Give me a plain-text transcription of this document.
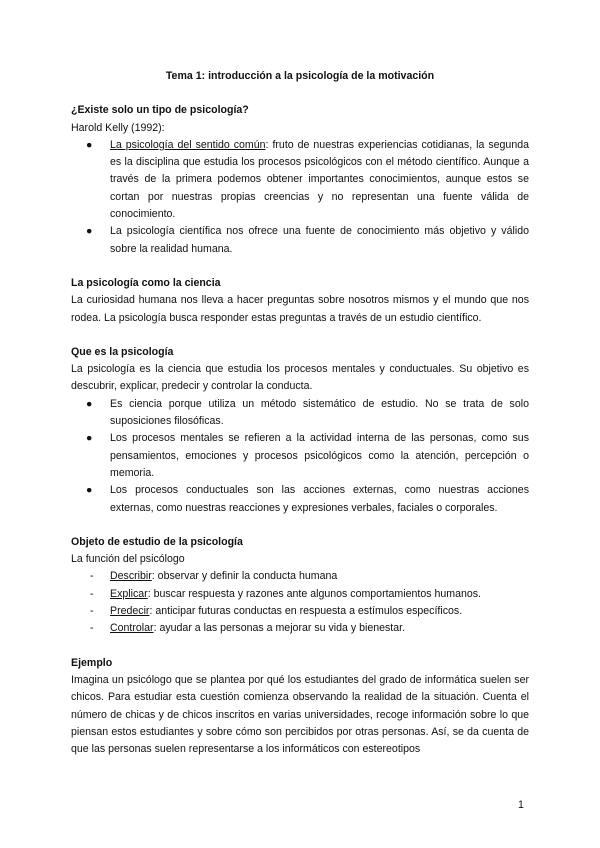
Tema 1: introducción a la psicología de la motivación
¿Existe solo un tipo de psicología?

Harold Kelly (1992):

● La psicología del sentido común: fruto de nuestras experiencias cotidianas, la segunda es la disciplina que estudia los procesos psicológicos con el método científico. Aunque a través de la primera podemos obtener importantes conocimientos, aunque estos se cortan por nuestras propias creencias y no representan una fuente válida de conocimiento.
● La psicología científica nos ofrece una fuente de conocimiento más objetivo y válido sobre la realidad humana.
La psicología como la ciencia

La curiosidad humana nos lleva a hacer preguntas sobre nosotros mismos y el mundo que nos rodea. La psicología busca responder estas preguntas a través de un estudio científico.

Que es la psicología

La psicología es la ciencia que estudia los procesos mentales y conductuales. Su objetivo es descubrir, explicar, predecir y controlar la conducta.

● Es ciencia porque utiliza un método sistemático de estudio. No se trata de solo suposiciones filosóficas.
● Los procesos mentales se refieren a la actividad interna de las personas, como sus pensamientos, emociones y procesos psicológicos como la atención, percepción o memoria.
● Los procesos conductuales son las acciones externas, como nuestras acciones externas, como nuestras reacciones y expresiones verbales, faciales o corporales.
Objeto de estudio de la psicología

La función del psicólogo

- Describir: observar y definir la conducta humana
- Explicar: buscar respuesta y razones ante algunos comportamientos humanos.
- Predecir: anticipar futuras conductas en respuesta a estímulos específicos.
- Controlar: ayudar a las personas a mejorar su vida y bienestar.
Ejemplo

Imagina un psicólogo que se plantea por qué los estudiantes del grado de informática suelen ser chicos. Para estudiar esta cuestión comienza observando la realidad de la situación. Cuenta el número de chicas y de chicos inscritos en varias universidades, recoge información sobre lo que piensan estos estudiantes y sobre cómo son percibidos por otras personas. Así, se da cuenta de que las personas suelen representarse a los informáticos con estereotipos

1
